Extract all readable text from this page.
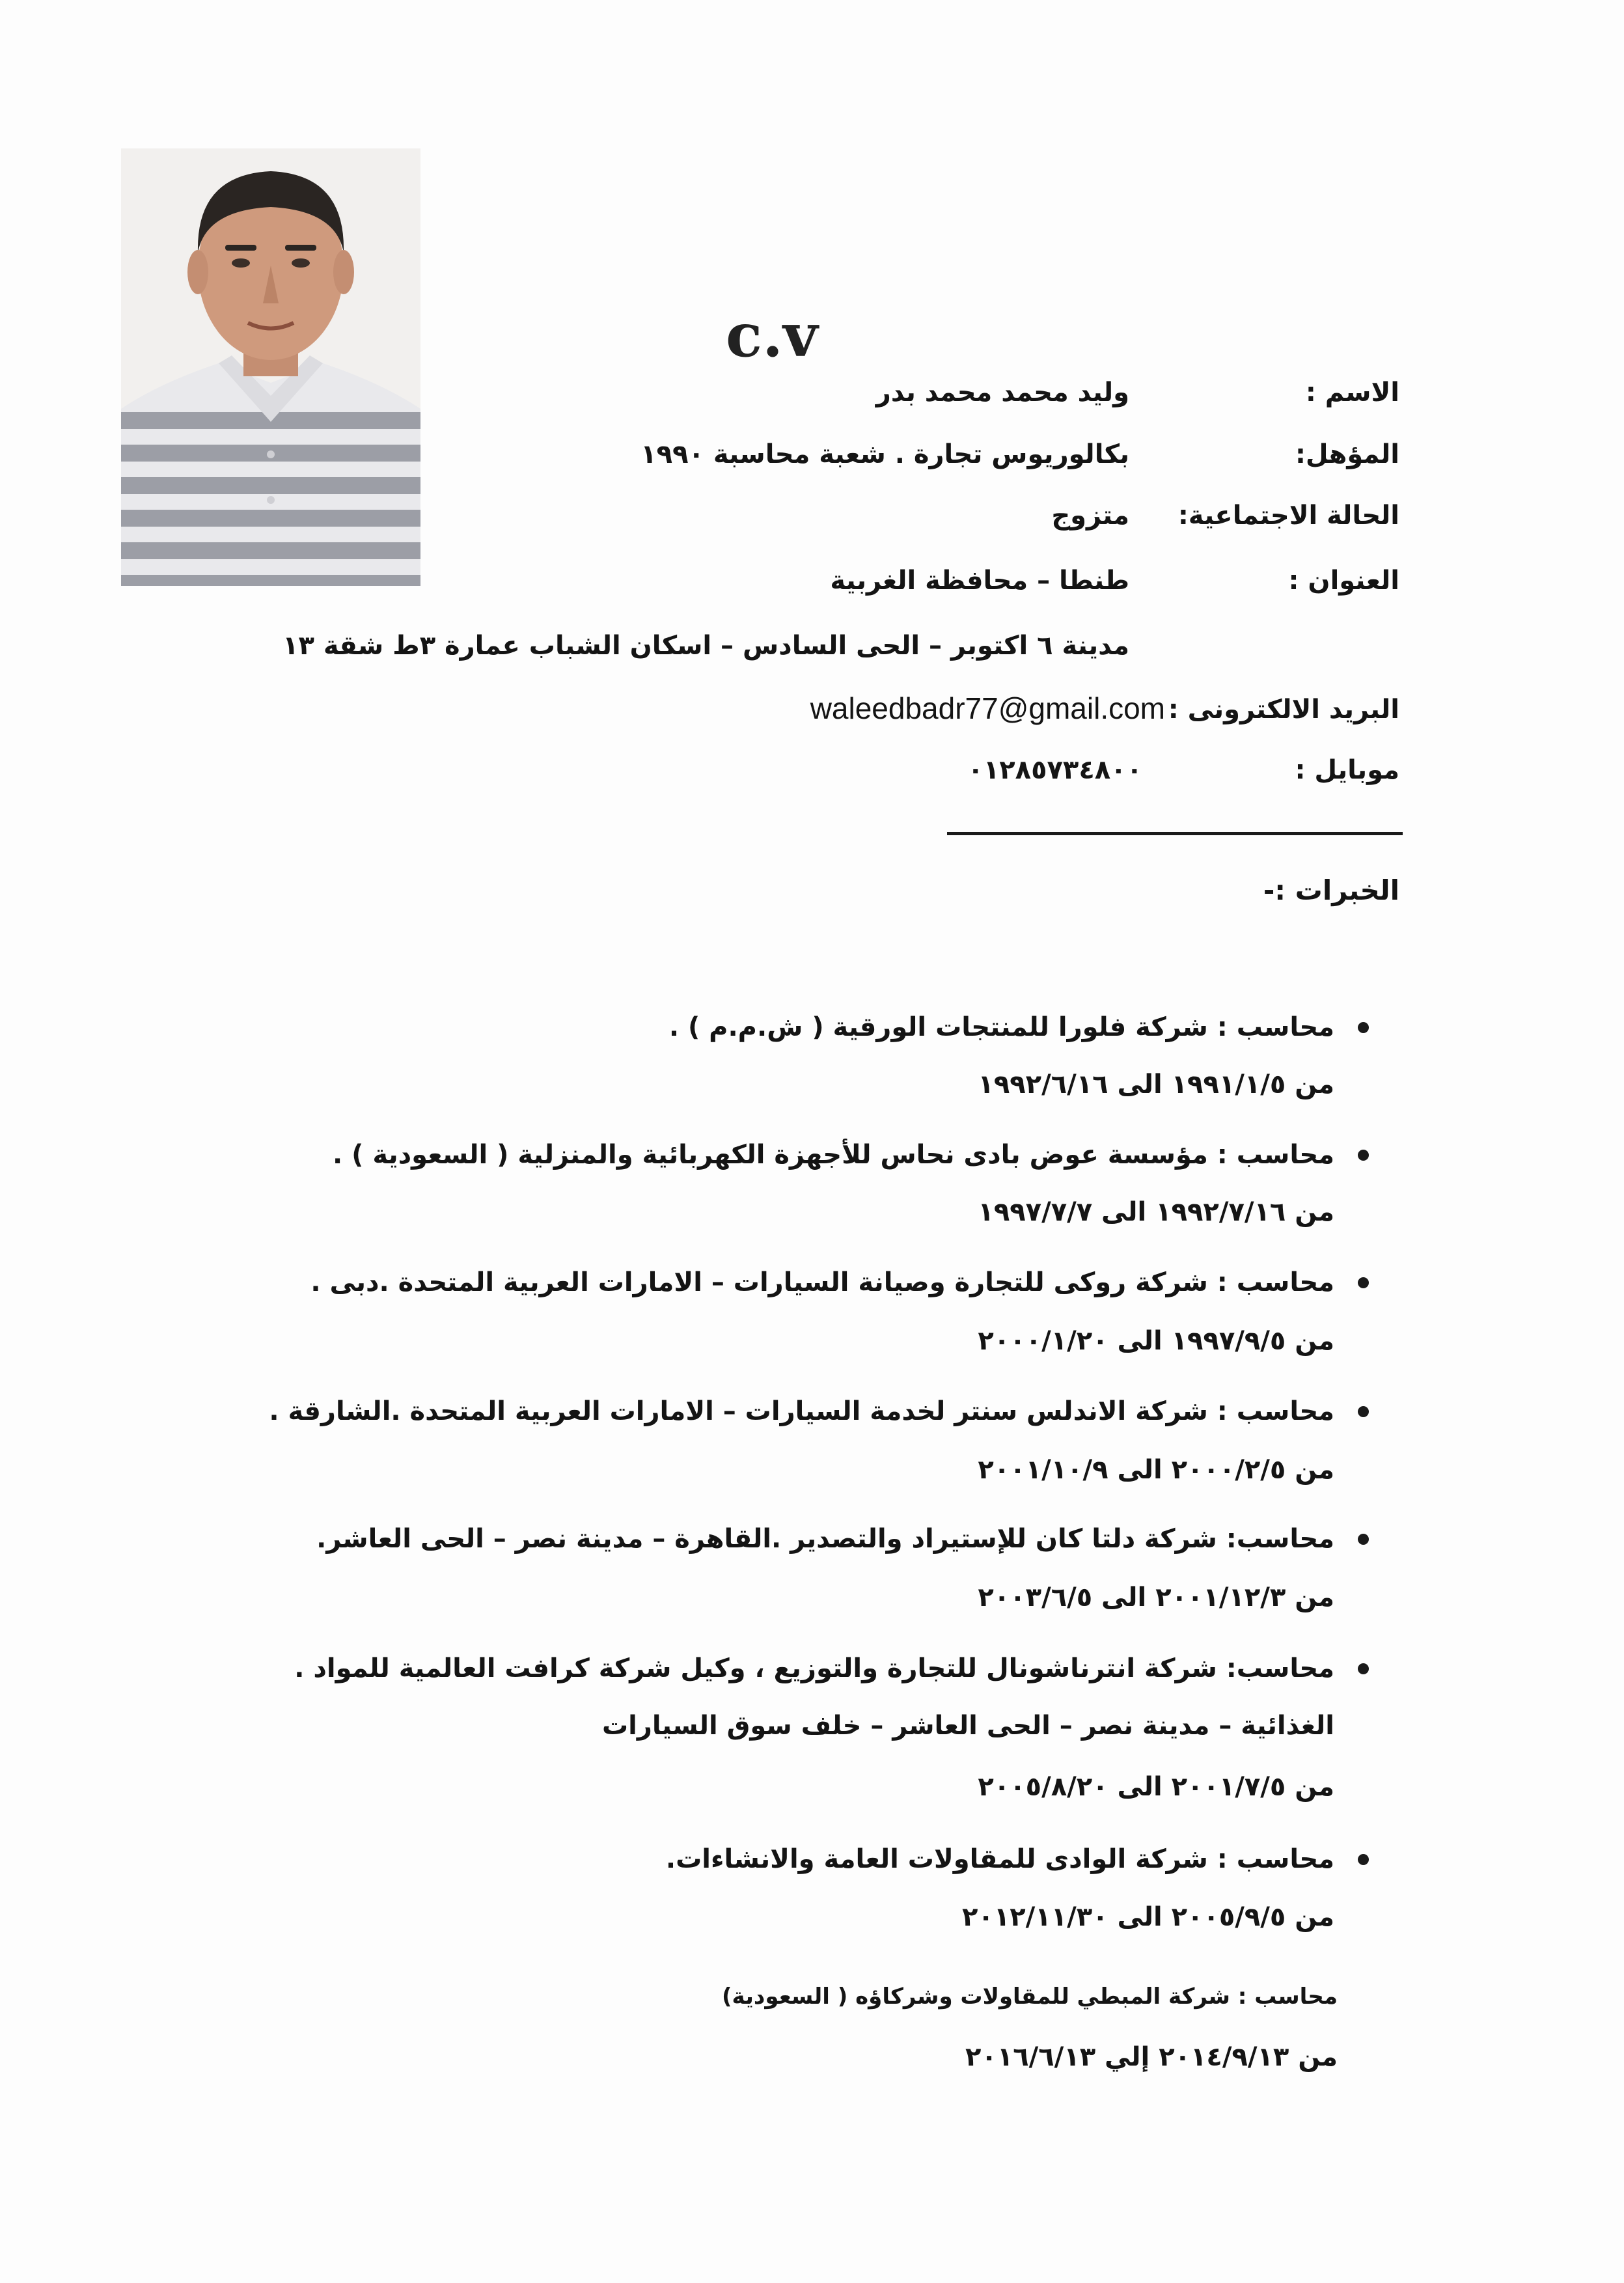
c.v
الاسم :
وليد محمد محمد بدر
المؤهل:
بكالوريوس تجارة . شعبة محاسبة ١٩٩٠
الحالة الاجتماعية:
متزوج
العنوان :
طنطا – محافظة الغربية
مدينة ٦ اكتوبر – الحى السادس – اسكان الشباب عمارة ٣ط شقة ١٣
البريد الالكترونى :
waleedbadr77@gmail.com
موبايل :
٠١٢٨٥٧٣٤٨٠٠
الخبرات :-
محاسب : شركة فلورا للمنتجات الورقية ( ش.م.م ) .
من ١٩٩١/١/٥ الى ١٩٩٢/٦/١٦
محاسب : مؤسسة عوض بادى نحاس للأجهزة الكهربائية والمنزلية ( السعودية ) .
من ١٩٩٢/٧/١٦ الى ١٩٩٧/٧/٧
محاسب : شركة روكى للتجارة وصيانة السيارات – الامارات العربية المتحدة .دبى .
من ١٩٩٧/٩/٥ الى ٢٠٠٠/١/٢٠
محاسب : شركة الاندلس سنتر لخدمة السيارات – الامارات العربية المتحدة .الشارقة .
من ٢٠٠٠/٢/٥ الى ٢٠٠١/١٠/٩
محاسب: شركة دلتا كان للإستيراد والتصدير .القاهرة – مدينة نصر – الحى العاشر.
من ٢٠٠١/١٢/٣ الى ٢٠٠٣/٦/٥
محاسب: شركة انترناشونال للتجارة والتوزيع ، وكيل شركة كرافت العالمية للمواد .
الغذائية – مدينة نصر – الحى العاشر – خلف سوق السيارات
من ٢٠٠١/٧/٥ الى ٢٠٠٥/٨/٢٠
محاسب : شركة الوادى للمقاولات العامة والانشاءات.
من ٢٠٠٥/٩/٥ الى ٢٠١٢/١١/٣٠
محاسب : شركة المبطي للمقاولات وشركاؤه ( السعودية)
من ٢٠١٤/٩/١٣ إلي ٢٠١٦/٦/١٣
